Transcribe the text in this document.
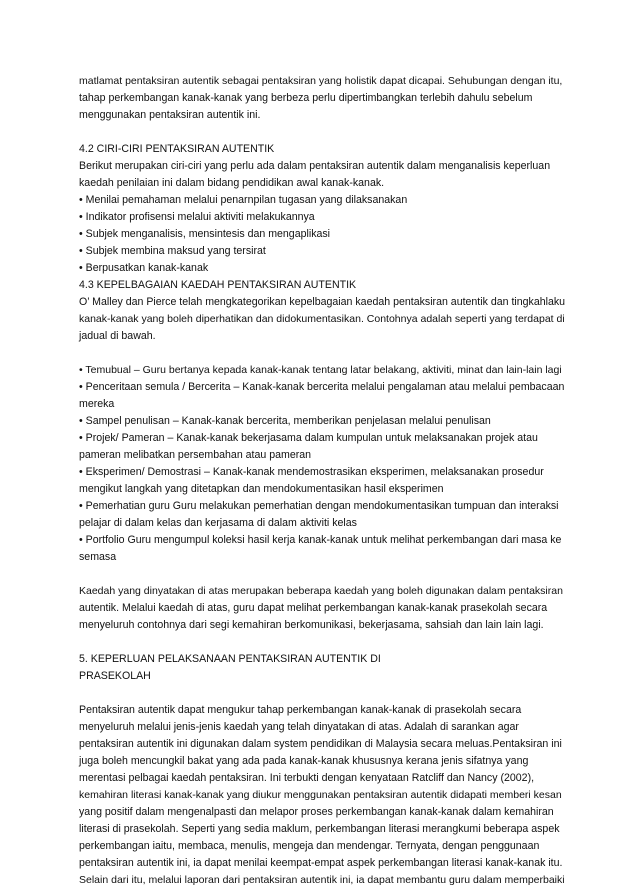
matlamat pentaksiran autentik sebagai pentaksiran yang holistik dapat dicapai. Sehubungan dengan itu,
tahap perkembangan kanak-kanak yang berbeza perlu dipertimbangkan terlebih dahulu sebelum
menggunakan pentaksiran autentik ini.
4.2 CIRI-CIRI PENTAKSIRAN AUTENTIK
Berikut merupakan ciri-ciri yang perlu ada dalam pentaksiran autentik dalam menganalisis keperluan
kaedah penilaian ini dalam bidang pendidikan awal kanak-kanak.
• Menilai pemahaman melalui penarnpilan tugasan yang dilaksanakan
• Indikator profisensi melalui aktiviti melakukannya
• Subjek menganalisis, mensintesis dan mengaplikasi
• Subjek membina maksud yang tersirat
• Berpusatkan kanak-kanak
4.3 KEPELBAGAIAN KAEDAH PENTAKSIRAN AUTENTIK
O’ Malley dan Pierce telah mengkategorikan kepelbagaian kaedah pentaksiran autentik dan tingkahlaku
kanak-kanak yang boleh diperhatikan dan didokumentasikan. Contohnya adalah seperti yang terdapat di
jadual di bawah.
• Temubual – Guru bertanya kepada kanak-kanak tentang latar belakang, aktiviti, minat dan lain-lain lagi
• Penceritaan semula / Bercerita – Kanak-kanak bercerita melalui pengalaman atau melalui pembacaan
mereka
• Sampel penulisan – Kanak-kanak bercerita, memberikan penjelasan melalui penulisan
• Projek/ Pameran – Kanak-kanak bekerjasama dalam kumpulan untuk melaksanakan projek atau
pameran melibatkan persembahan atau pameran
• Eksperimen/ Demostrasi – Kanak-kanak mendemostrasikan eksperimen, melaksanakan prosedur
mengikut langkah yang ditetapkan dan mendokumentasikan hasil eksperimen
• Pemerhatian guru Guru melakukan pemerhatian dengan mendokumentasikan tumpuan dan interaksi
pelajar di dalam kelas dan kerjasama di dalam aktiviti kelas
• Portfolio Guru mengumpul koleksi hasil kerja kanak-kanak untuk melihat perkembangan dari masa ke
semasa
Kaedah yang dinyatakan di atas merupakan beberapa kaedah yang boleh digunakan dalam pentaksiran
autentik. Melalui kaedah di atas, guru dapat melihat perkembangan kanak-kanak prasekolah secara
menyeluruh contohnya dari segi kemahiran berkomunikasi, bekerjasama, sahsiah dan lain lain lagi.
5. KEPERLUAN PELAKSANAAN PENTAKSIRAN AUTENTIK DI
PRASEKOLAH
Pentaksiran autentik dapat mengukur tahap perkembangan kanak-kanak di prasekolah secara
menyeluruh melalui jenis-jenis kaedah yang telah dinyatakan di atas. Adalah di sarankan agar
pentaksiran autentik ini digunakan dalam system pendidikan di Malaysia secara meluas.Pentaksiran ini
juga boleh mencungkil bakat yang ada pada kanak-kanak khususnya kerana jenis sifatnya yang
merentasi pelbagai kaedah pentaksiran. Ini terbukti dengan kenyataan Ratcliff dan Nancy (2002),
kemahiran literasi kanak-kanak yang diukur menggunakan pentaksiran autentik didapati memberi kesan
yang positif dalam mengenalpasti dan melapor proses perkembangan kanak-kanak dalam kemahiran
literasi di prasekolah. Seperti yang sedia maklum, perkembangan literasi merangkumi beberapa aspek
perkembangan iaitu, membaca, menulis, mengeja dan mendengar. Ternyata, dengan penggunaan
pentaksiran autentik ini, ia dapat menilai keempat-empat aspek perkembangan literasi kanak-kanak itu.
Selain dari itu, melalui laporan dari pentaksiran autentik ini, ia dapat membantu guru dalam memperbaiki
